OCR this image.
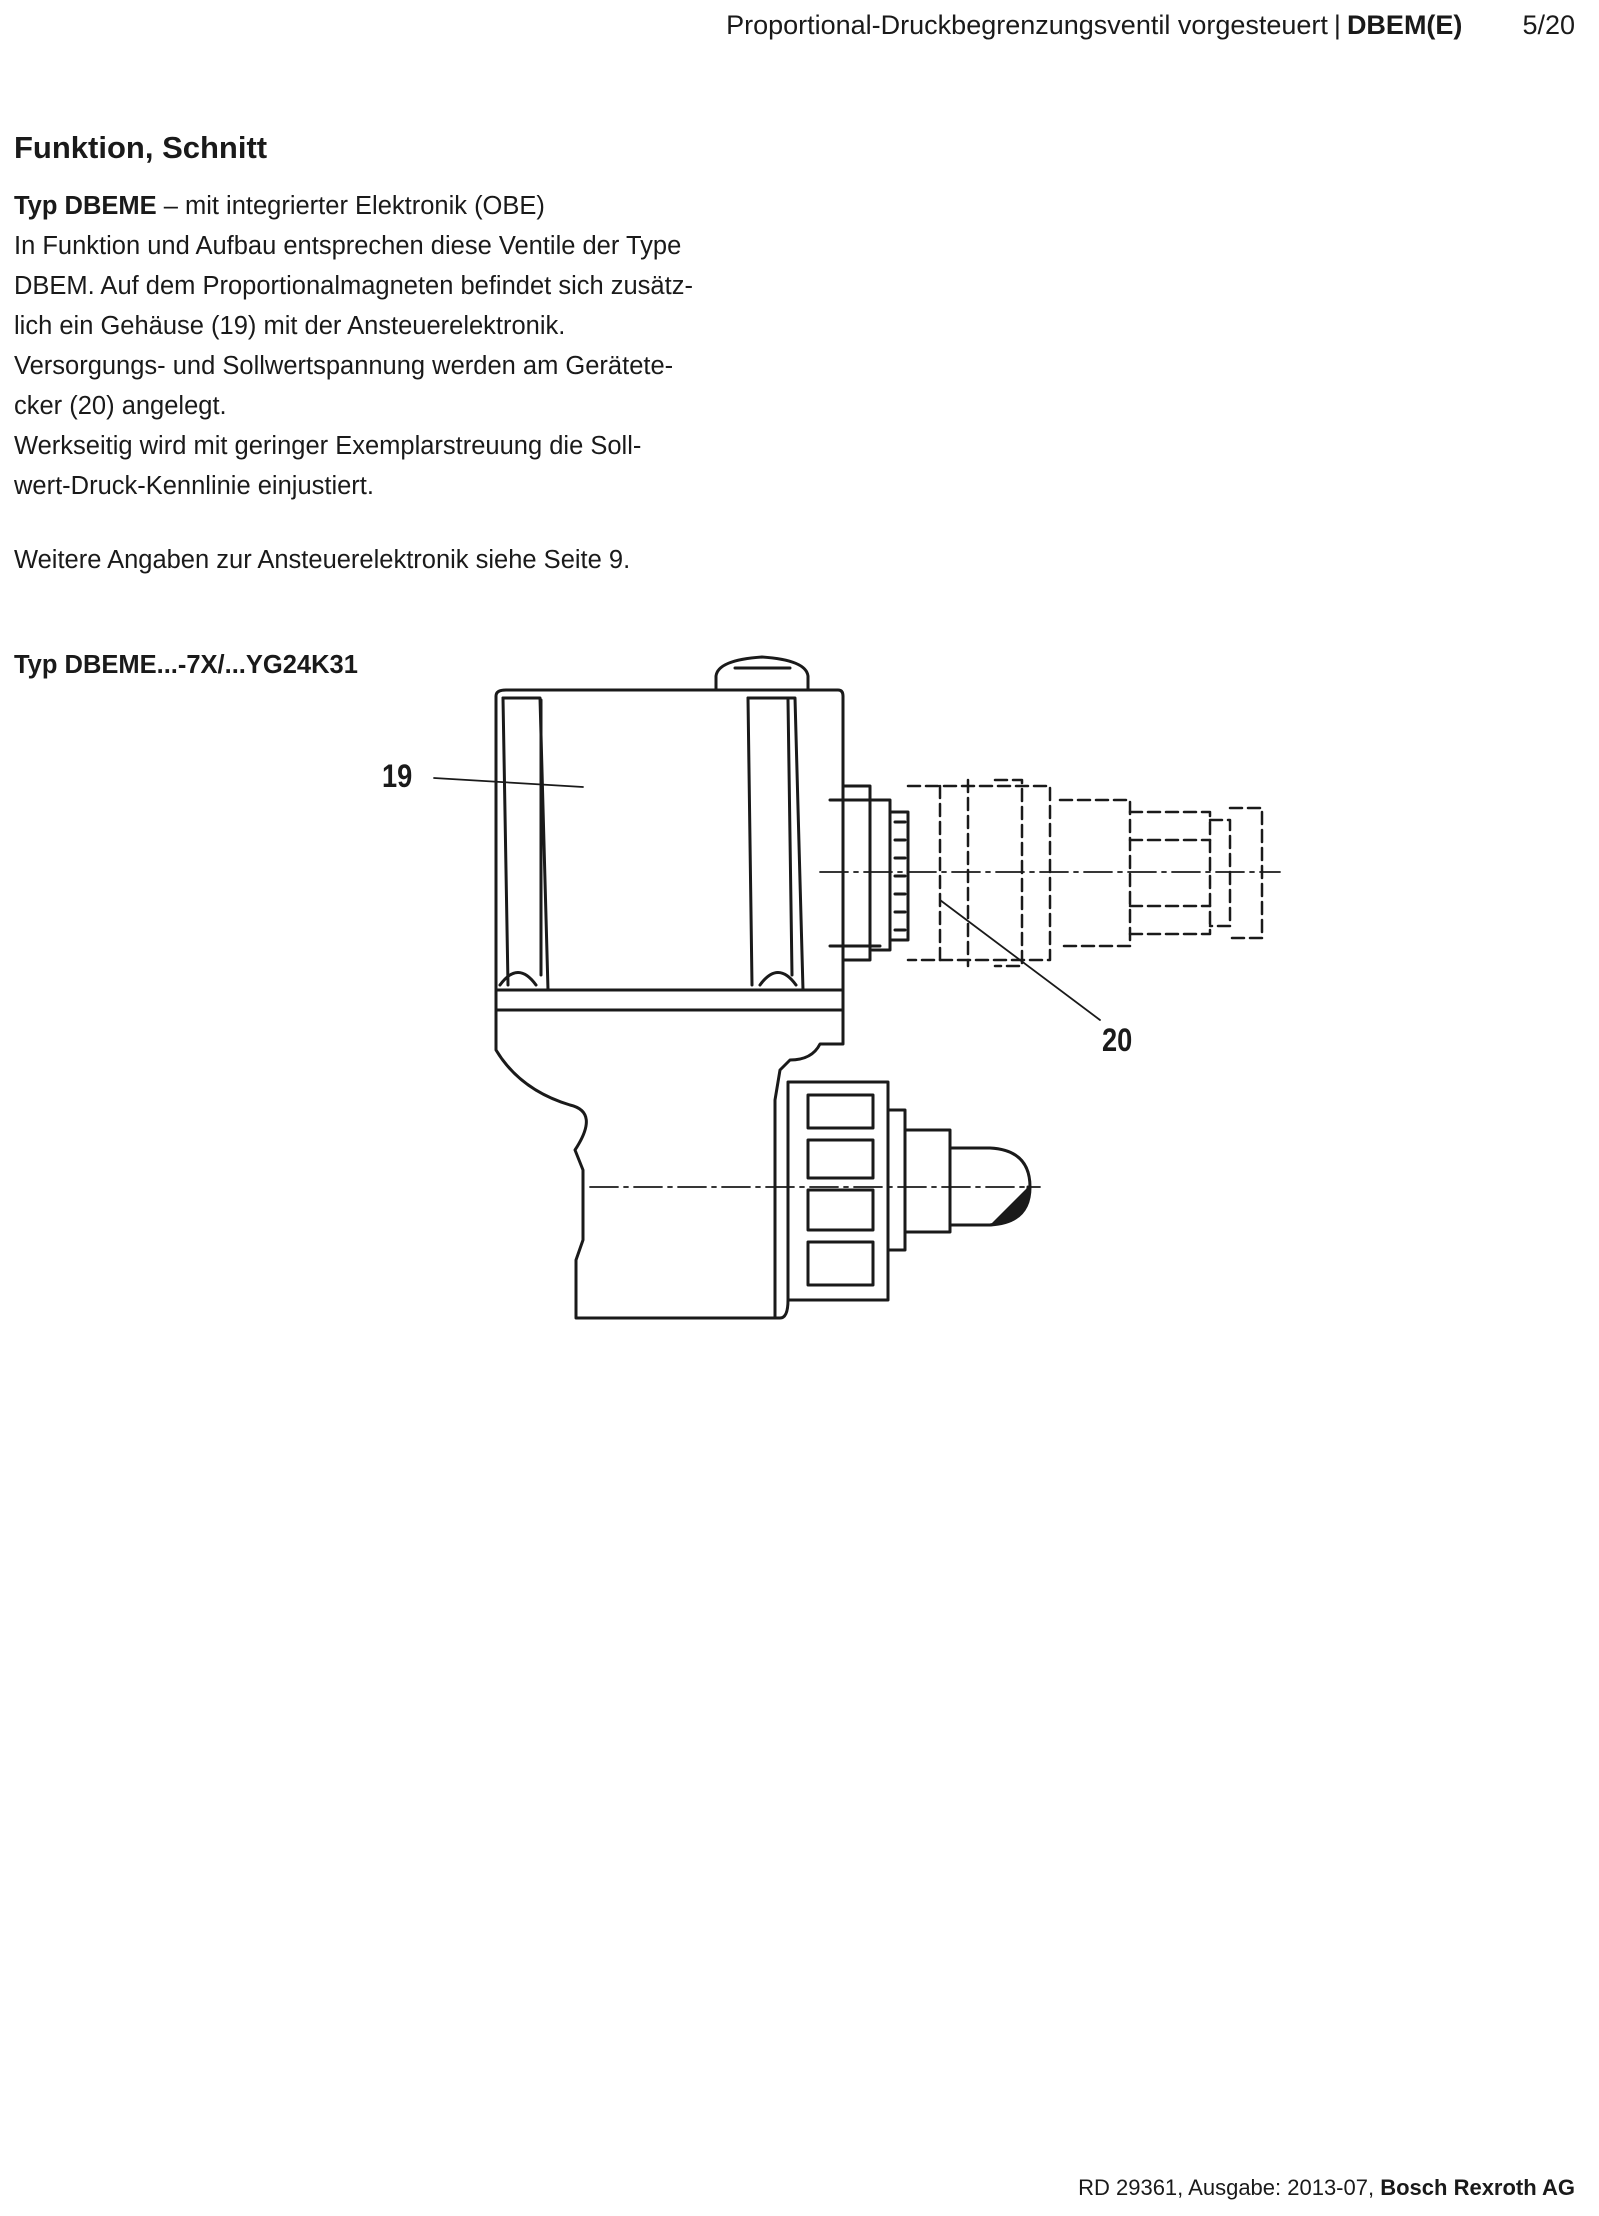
Proportional-Druckbegrenzungsventil vorgesteuert | DBEM(E) 5/20
Funktion, Schnitt

Typ DBEME – mit integrierter Elektronik (OBE)

In Funktion und Aufbau entsprechen diese Ventile der Type

DBEM. Auf dem Proportionalmagneten befindet sich zusätz-

lich ein Gehäuse (19) mit der Ansteuerelektronik.

Versorgungs- und Sollwertspannung werden am Gerätete-

cker (20) angelegt.

Werkseitig wird mit geringer Exemplarstreuung die Soll-

wert-Druck-Kennlinie einjustiert.

Weitere Angaben zur Ansteuerelektronik siehe Seite 9.

Typ DBEME...-7X/...YG24K31

19
20
RD 29361, Ausgabe: 2013-07, Bosch Rexroth AG
